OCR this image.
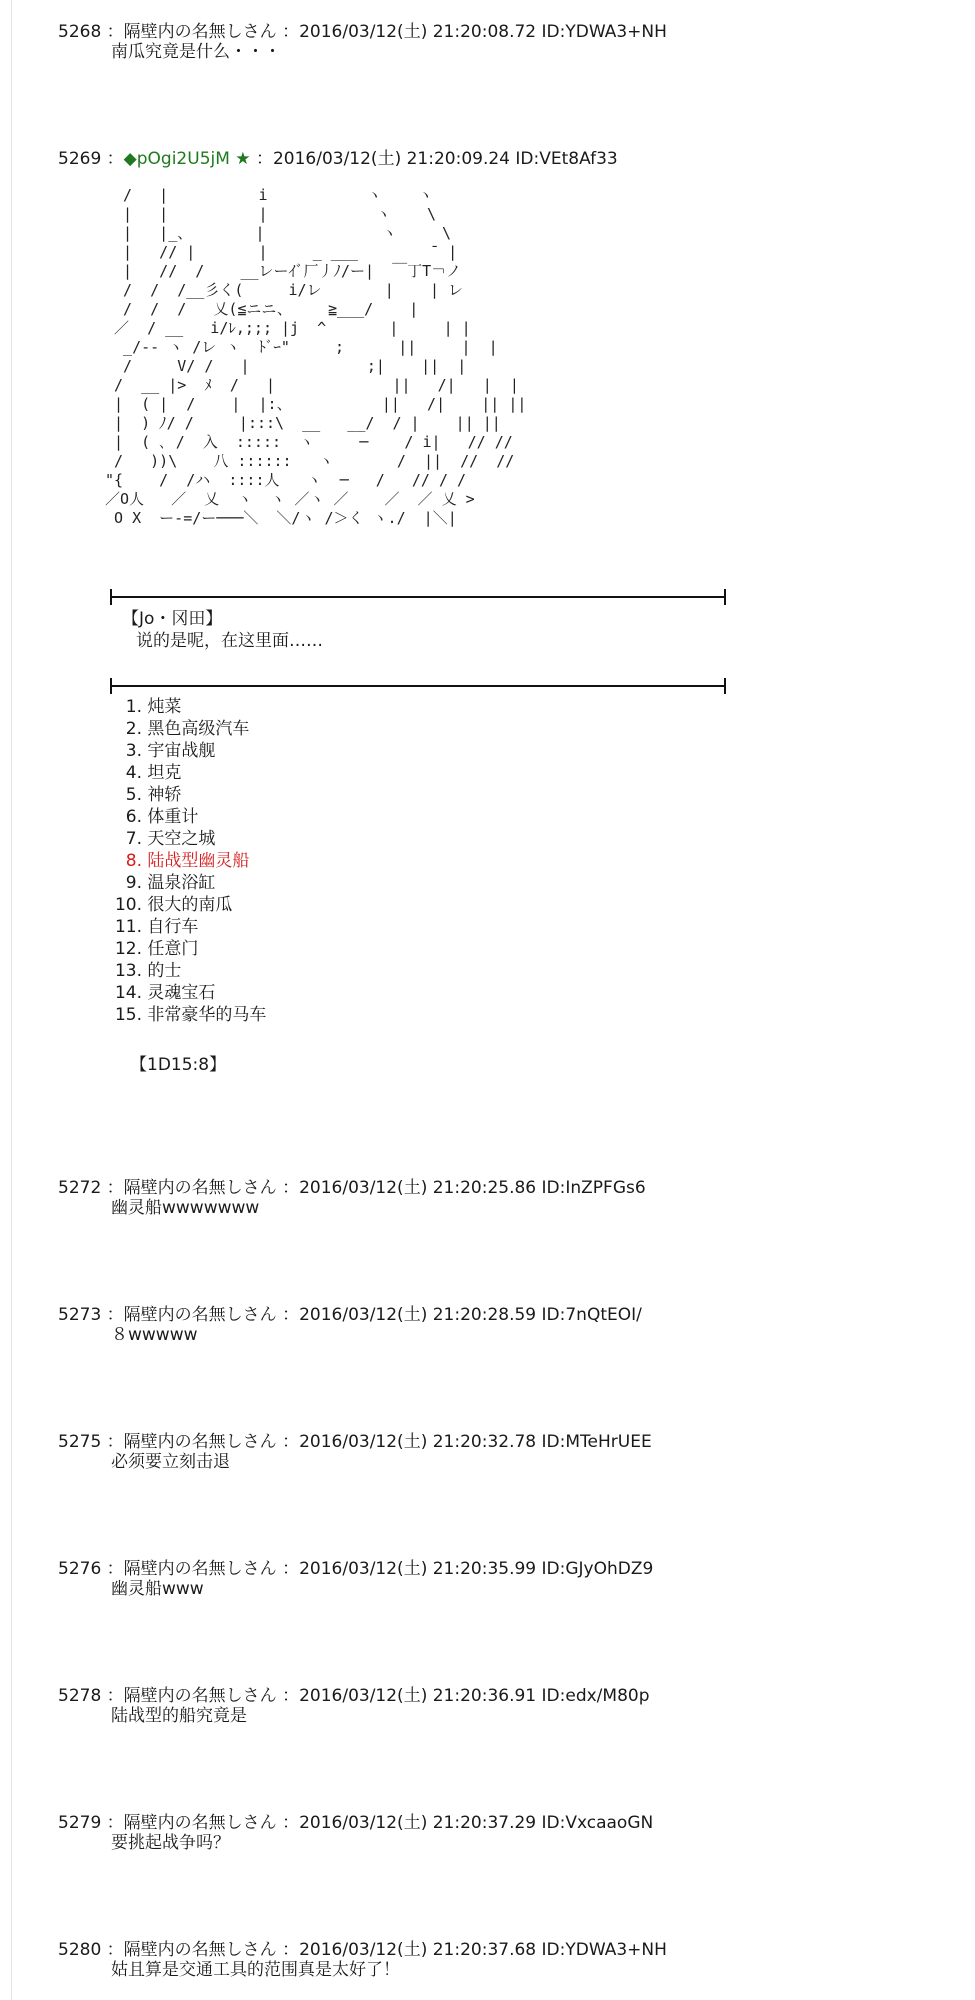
5268 ：隔壁内の名無しさん ：2016/03/12(土) 21:20:08.72 ID:YDWA3+NH
南瓜究竟是什么・・・
5269 ：◆pOgi2U5jM ★ ：2016/03/12(土) 21:20:09.24 ID:VEt8Af33
/   |          i           ヽ    ヽ
|   |          |            ヽ    \
|   |_、       |             ヽ     \
|   // |       |     _ ___        ̄  |
|   //  /    __レーｲﾞ厂丿ﾉ/ー|  ￣丁T￢ノ
/  /  /__彡く(     i/レ       |    | レ
/  /  /   乂(≦ニニ、    ≧___/    |
／  / __   i/ﾚ,;;; |j  ^       |     | |
_/-- ヽ /レ ヽ  ﾄﾞｰ"     ;      ||     |  |
/     V/ /   |             ;|    ||  |
/  __ |>  ﾒ  /   |             ||   /|   |  |
|  ( |  /    |  |:、          ||   /|    || ||
|  ) ﾉ/ /     |:::\  __   __/  / |    || ||
|  ( ､ /  入  :::::  ヽ     ─    / i|   // //
/   ))\    八 ::::::   ヽ       /  ||  //  //
"{    /  /ハ  ::::人   ヽ  ─   /   // / /
／O人   ／  乂  ヽ  ヽ ／ヽ ／    ／  ／ 乂 >
O X  ー-=/ー───＼  ＼/ヽ /＞く ヽ./  |＼|
【Jo・冈田】
说的是呢，在这里面……
1. 炖菜
2. 黑色高级汽车
3. 宇宙战舰
4. 坦克
5. 神轿
6. 体重计
7. 天空之城
8. 陆战型幽灵船
9. 温泉浴缸
10. 很大的南瓜
11. 自行车
12. 任意门
13. 的士
14. 灵魂宝石
15. 非常豪华的马车
【1D15:8】
5272 ：隔壁内の名無しさん ：2016/03/12(土) 21:20:25.86 ID:InZPFGs6
幽灵船wwwwwww
5273 ：隔壁内の名無しさん ：2016/03/12(土) 21:20:28.59 ID:7nQtEOI/
８wwwww
5275 ：隔壁内の名無しさん ：2016/03/12(土) 21:20:32.78 ID:MTeHrUEE
必须要立刻击退
5276 ：隔壁内の名無しさん ：2016/03/12(土) 21:20:35.99 ID:GJyOhDZ9
幽灵船www
5278 ：隔壁内の名無しさん ：2016/03/12(土) 21:20:36.91 ID:edx/M80p
陆战型的船究竟是
5279 ：隔壁内の名無しさん ：2016/03/12(土) 21:20:37.29 ID:VxcaaoGN
要挑起战争吗？
5280 ：隔壁内の名無しさん ：2016/03/12(土) 21:20:37.68 ID:YDWA3+NH
姑且算是交通工具的范围真是太好了！
